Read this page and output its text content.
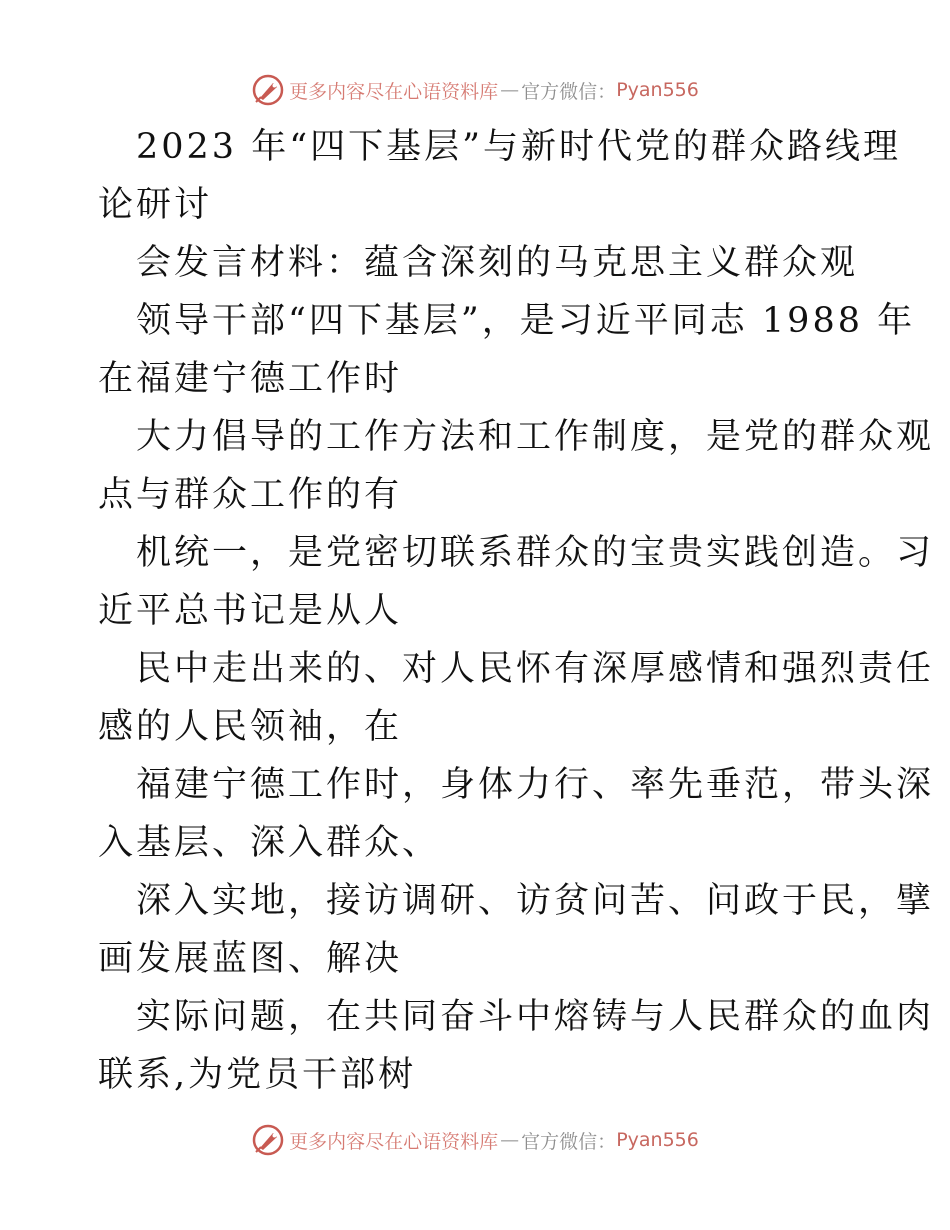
更多内容尽在心语资料库 — 官方微信： Pyan556
2023 年“四下基层”与新时代党的群众路线理
论研讨
会发言材料：蕴含深刻的马克思主义群众观
领导干部“四下基层”，是习近平同志 1988 年
在福建宁德工作时
大力倡导的工作方法和工作制度，是党的群众观
点与群众工作的有
机统一，是党密切联系群众的宝贵实践创造。习
近平总书记是从人
民中走出来的、对人民怀有深厚感情和强烈责任
感的人民领袖，在
福建宁德工作时，身体力行、率先垂范，带头深
入基层、深入群众、
深入实地，接访调研、访贫问苦、问政于民，擘
画发展蓝图、解决
实际问题，在共同奋斗中熔铸与人民群众的血肉
联系,为党员干部树
更多内容尽在心语资料库 — 官方微信： Pyan556
